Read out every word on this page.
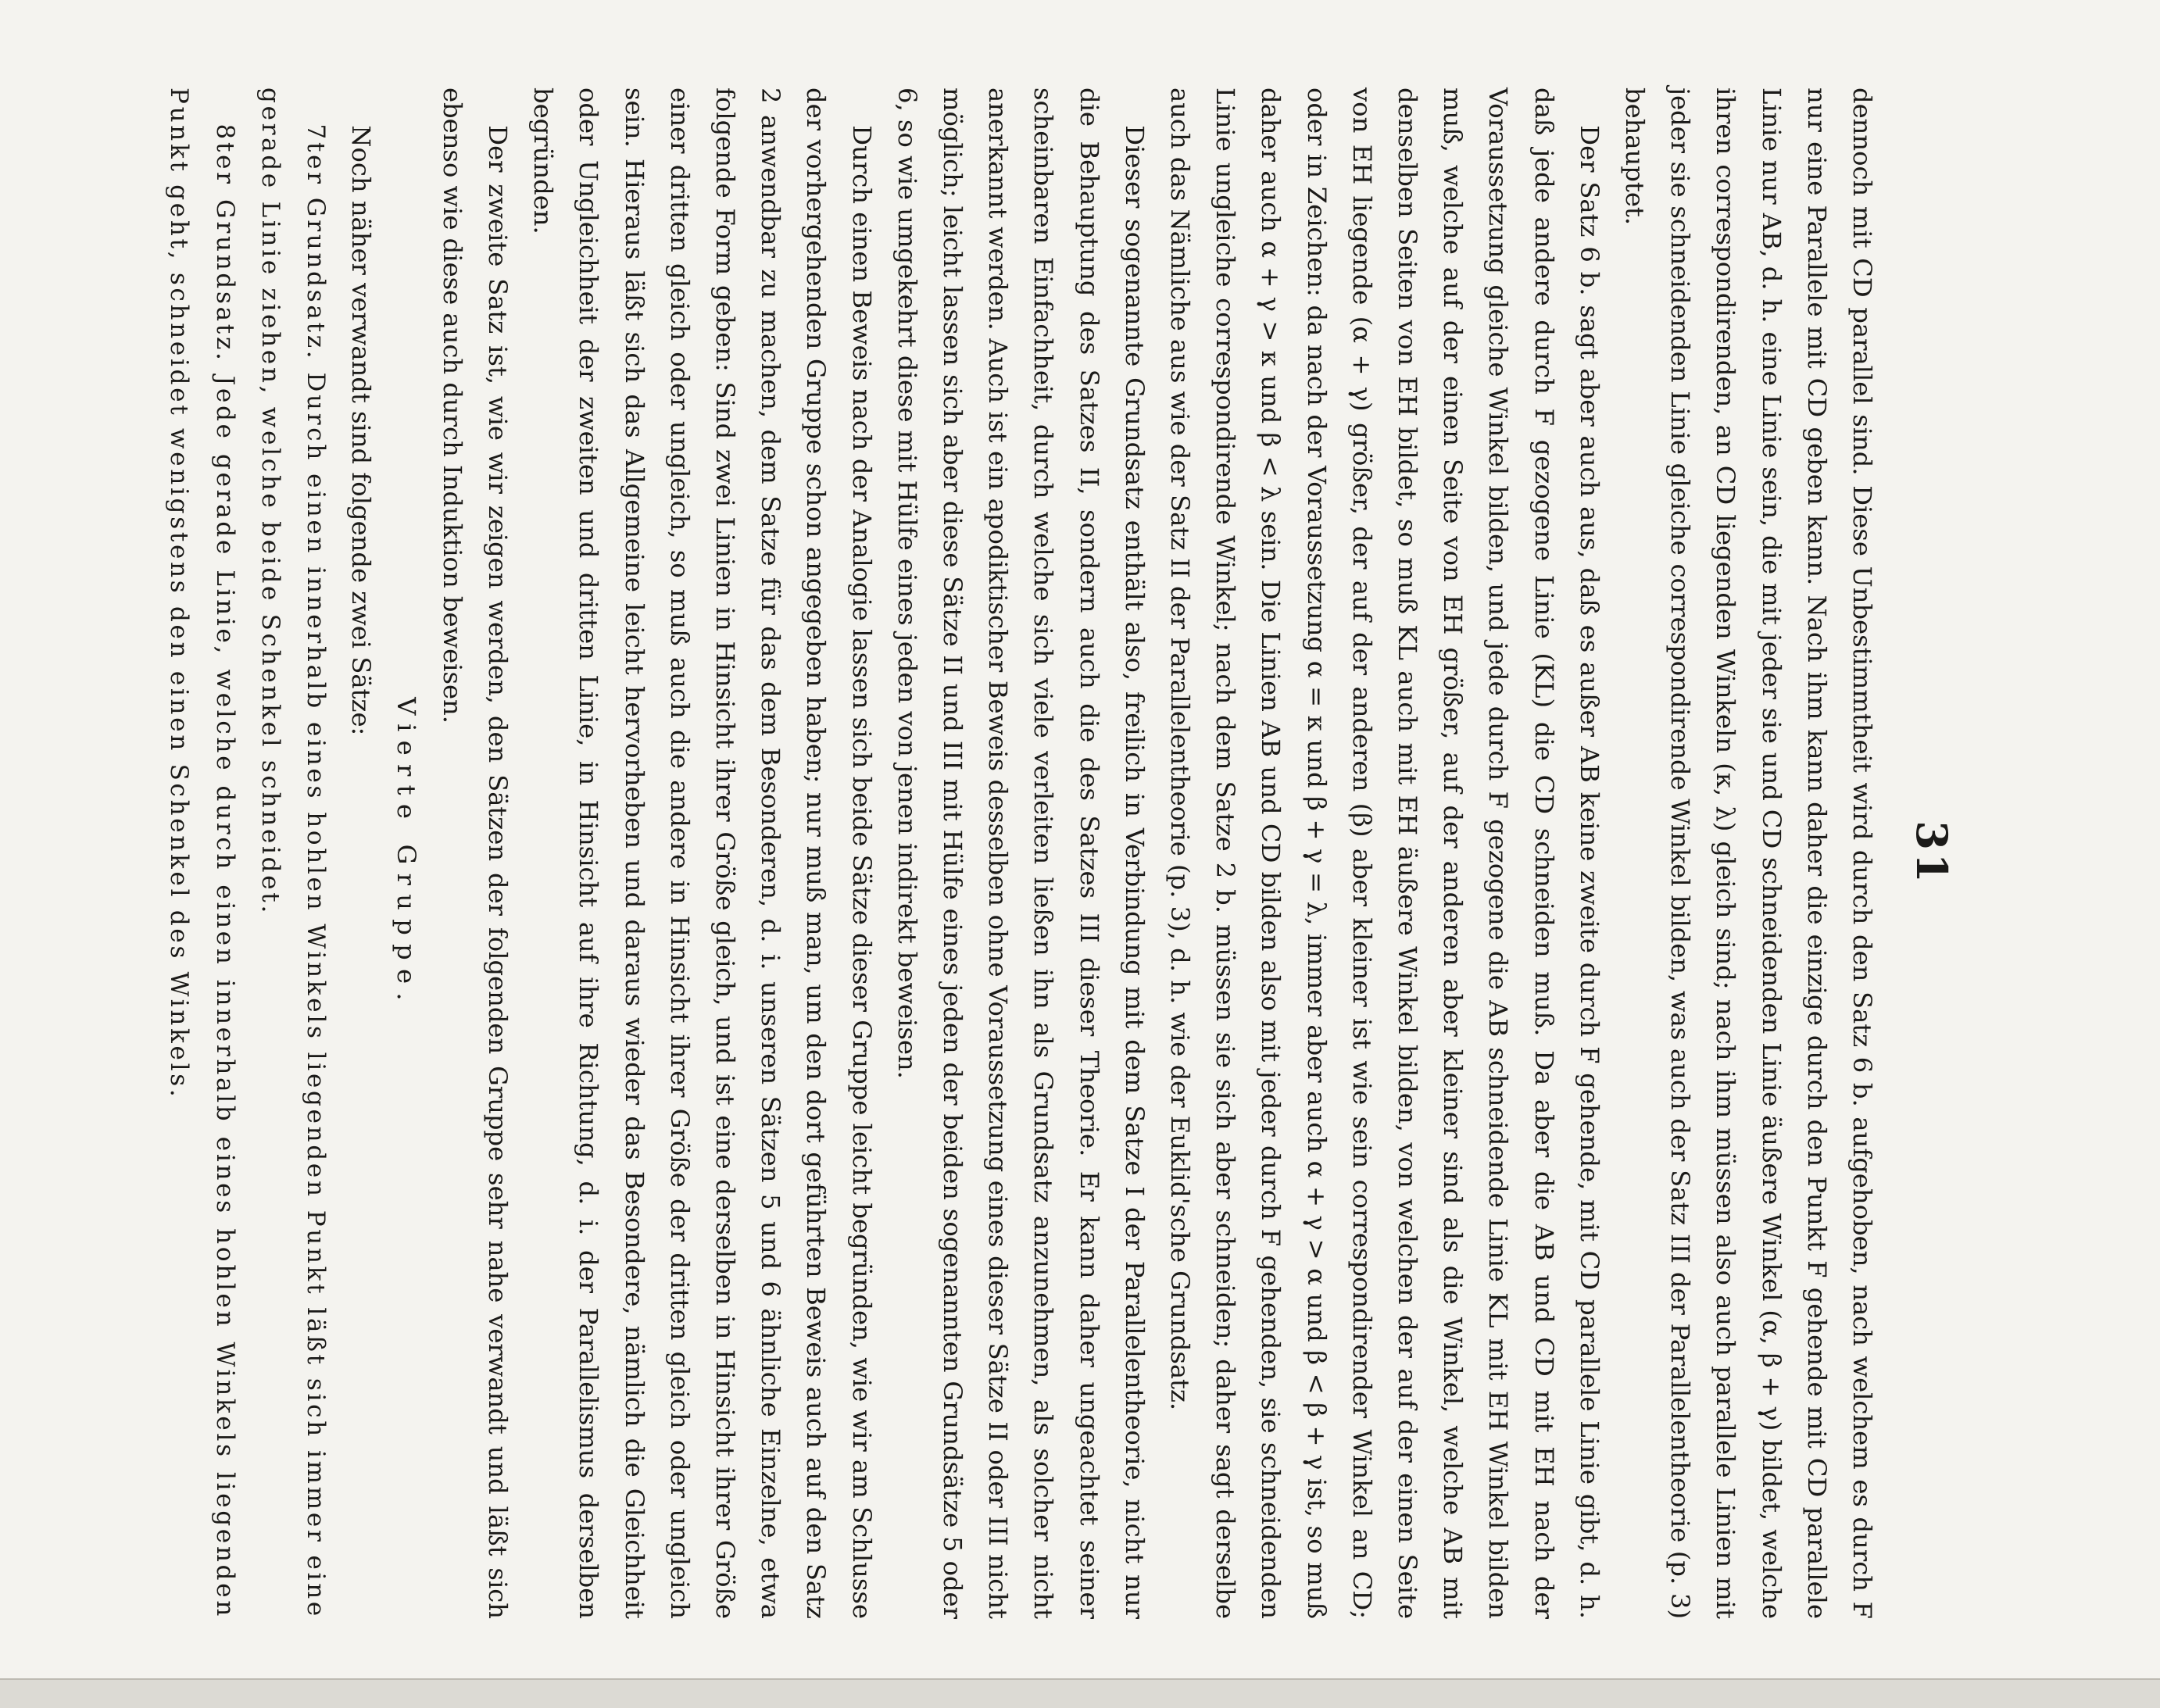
31

dennoch mit CD parallel sind. Diese Unbestimmtheit wird durch den Satz 6 b. aufgehoben, nach welchem es durch F nur eine Parallele mit CD geben kann. Nach ihm kann daher die einzige durch den Punkt F gehende mit CD parallele Linie nur AB, d. h. eine Linie sein, die mit jeder sie und CD schneidenden Linie äußere Winkel (α, β + γ) bildet, welche ihren correspondirenden, an CD liegenden Winkeln (κ, λ) gleich sind; nach ihm müssen also auch parallele Linien mit jeder sie schneidenden Linie gleiche correspondirende Winkel bilden, was auch der Satz III der Parallelentheorie (p. 3) behauptet.

Der Satz 6 b. sagt aber auch aus, daß es außer AB keine zweite durch F gehende, mit CD parallele Linie gibt, d. h. daß jede andere durch F gezogene Linie (KL) die CD schneiden muß. Da aber die AB und CD mit EH nach der Voraussetzung gleiche Winkel bilden, und jede durch F gezogene die AB schneidende Linie KL mit EH Winkel bilden muß, welche auf der einen Seite von EH größer, auf der anderen aber kleiner sind als die Winkel, welche AB mit denselben Seiten von EH bildet, so muß KL auch mit EH äußere Winkel bilden, von welchen der auf der einen Seite von EH liegende (α + γ) größer, der auf der anderen (β) aber kleiner ist wie sein correspondirender Winkel an CD; oder in Zeichen: da nach der Voraussetzung α = κ und β + γ = λ, immer aber auch α + γ > α und β < β + γ ist, so muß daher auch α + γ > κ und β < λ sein. Die Linien AB und CD bilden also mit jeder durch F gehenden, sie schneidenden Linie ungleiche correspondirende Winkel; nach dem Satze 2 b. müssen sie sich aber schneiden; daher sagt derselbe auch das Nämliche aus wie der Satz II der Parallelentheorie (p. 3), d. h. wie der Euklid'sche Grundsatz.

Dieser sogenannte Grundsatz enthält also, freilich in Verbindung mit dem Satze I der Parallelentheorie, nicht nur die Behauptung des Satzes II, sondern auch die des Satzes III dieser Theorie. Er kann daher ungeachtet seiner scheinbaren Einfachheit, durch welche sich viele verleiten ließen ihn als Grundsatz anzunehmen, als solcher nicht anerkannt werden. Auch ist ein apodiktischer Beweis desselben ohne Voraussetzung eines dieser Sätze II oder III nicht möglich; leicht lassen sich aber diese Sätze II und III mit Hülfe eines jeden der beiden sogenannten Grundsätze 5 oder 6, so wie umgekehrt diese mit Hülfe eines jeden von jenen indirekt beweisen.

Durch einen Beweis nach der Analogie lassen sich beide Sätze dieser Gruppe leicht begründen, wie wir am Schlusse der vorhergehenden Gruppe schon angegeben haben; nur muß man, um den dort geführten Beweis auch auf den Satz 2 anwendbar zu machen, dem Satze für das dem Besonderen, d. i. unseren Sätzen 5 und 6 ähnliche Einzelne, etwa folgende Form geben: Sind zwei Linien in Hinsicht ihrer Größe gleich, und ist eine derselben in Hinsicht ihrer Größe einer dritten gleich oder ungleich, so muß auch die andere in Hinsicht ihrer Größe der dritten gleich oder ungleich sein. Hieraus läßt sich das Allgemeine leicht hervorheben und daraus wieder das Besondere, nämlich die Gleichheit oder Ungleichheit der zweiten und dritten Linie, in Hinsicht auf ihre Richtung, d. i. der Parallelismus derselben begründen.

Der zweite Satz ist, wie wir zeigen werden, den Sätzen der folgenden Gruppe sehr nahe verwandt und läßt sich ebenso wie diese auch durch Induktion beweisen.

Vierte Gruppe.

Noch näher verwandt sind folgende zwei Sätze:

7ter Grundsatz. Durch einen innerhalb eines hohlen Winkels liegenden Punkt läßt sich immer eine gerade Linie ziehen, welche beide Schenkel schneidet.

8ter Grundsatz. Jede gerade Linie, welche durch einen innerhalb eines hohlen Winkels liegenden Punkt geht, schneidet wenigstens den einen Schenkel des Winkels.
